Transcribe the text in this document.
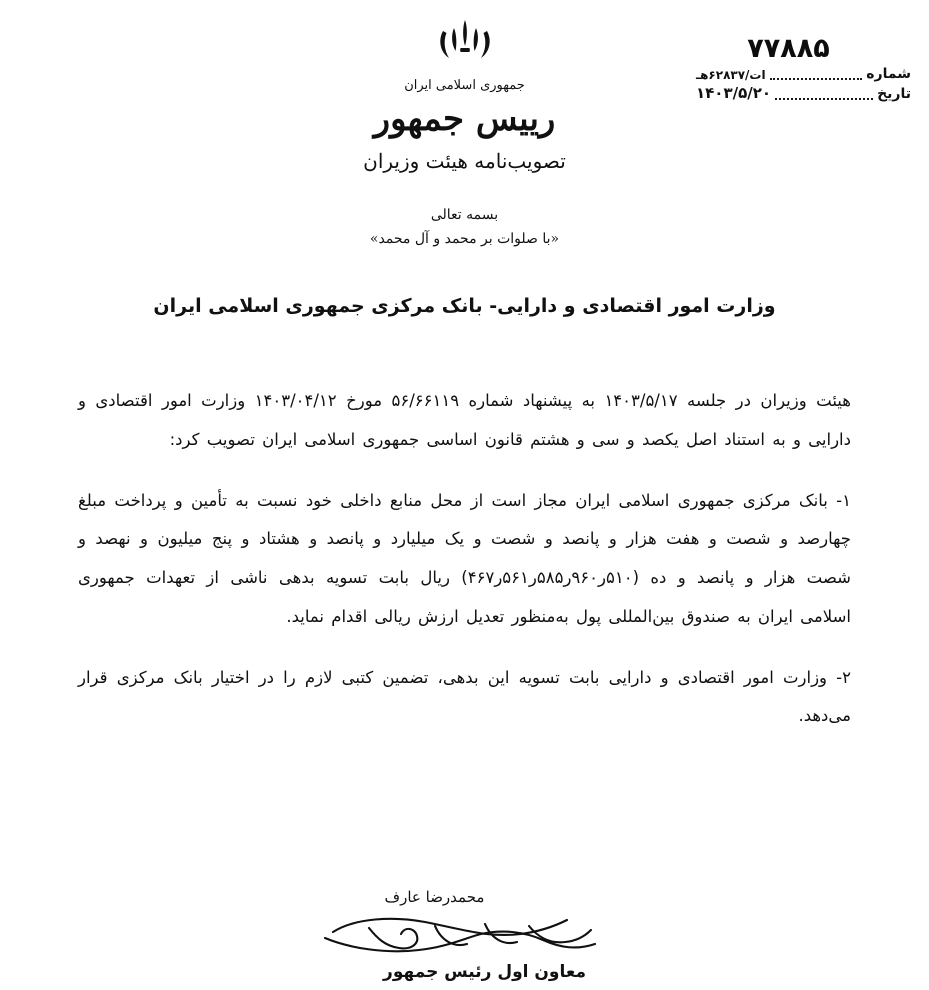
۷۷۸۸۵
شماره
ات/۶۲۸۳۷هـ
تاریخ
۱۴۰۳/۵/۲۰
جمهوری اسلامی ایران
رییس جمهور
تصویب‌نامه هیئت وزیران
بسمه تعالی
«با صلوات بر محمد و آل محمد»
وزارت امور اقتصادی و دارایی- بانک مرکزی جمهوری اسلامی ایران

هیئت وزیران در جلسه ۱۴۰۳/۵/۱۷ به پیشنهاد شماره ۵۶/۶۶۱۱۹ مورخ ۱۴۰۳/۰۴/۱۲ وزارت امور اقتصادی و دارایی و به استناد اصل یکصد و سی و هشتم قانون اساسی جمهوری اسلامی ایران تصویب کرد:

۱- بانک مرکزی جمهوری اسلامی ایران مجاز است از محل منابع داخلی خود نسبت به تأمین و پرداخت مبلغ چهارصد و شصت و هفت هزار و پانصد و شصت و یک میلیارد و پانصد و هشتاد و پنج میلیون و نهصد و شصت هزار و پانصد و ده (۵۱۰ر۹۶۰ر۵۸۵ر۵۶۱ر۴۶۷) ریال بابت تسویه بدهی ناشی از تعهدات جمهوری اسلامی ایران به صندوق بین‌المللی پول به‌منظور تعدیل ارزش ریالی اقدام نماید.

۲- وزارت امور اقتصادی و دارایی بابت تسویه این بدهی، تضمین کتبی لازم را در اختیار بانک مرکزی قرار می‌دهد.

محمدرضا عارف
معاون اول رئیس جمهور
